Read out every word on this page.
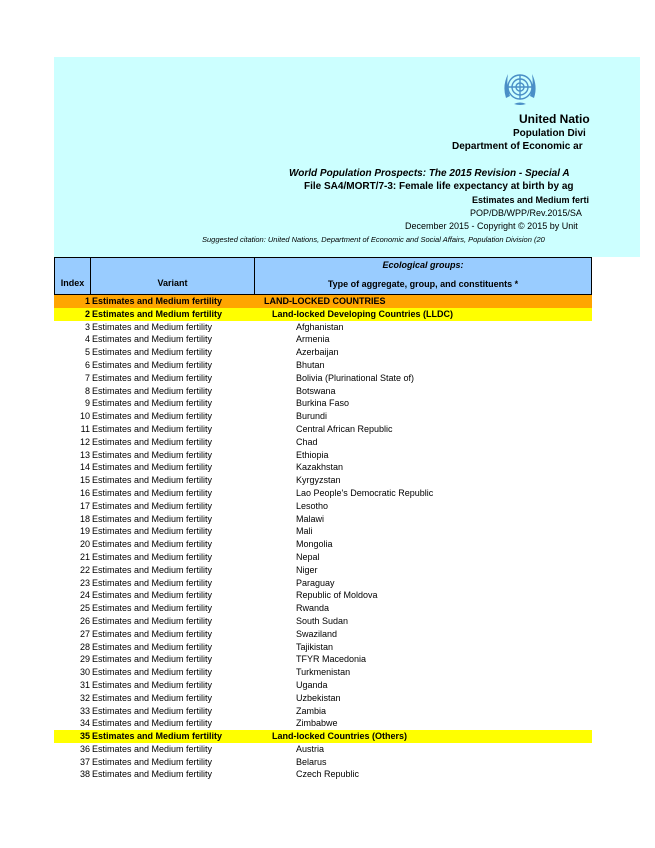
United Natio
Population Divi
Department of Economic ar
World Population Prospects: The 2015 Revision - Special A
File SA4/MORT/7-3: Female life expectancy at birth by ag
Estimates and Medium ferti
POP/DB/WPP/Rev.2015/SA
December 2015 - Copyright © 2015 by Unit
Suggested citation: United Nations, Department of Economic and Social Affairs, Population Division (20
Index	Variant
Ecological groups:
Type of aggregate, group, and constituents *
1 Estimates and Medium fertility	LAND-LOCKED COUNTRIES
2 Estimates and Medium fertility	Land-locked Developing Countries (LLDC)
3 Estimates and Medium fertility	Afghanistan
4 Estimates and Medium fertility	Armenia
5 Estimates and Medium fertility	Azerbaijan
6 Estimates and Medium fertility	Bhutan
7 Estimates and Medium fertility	Bolivia (Plurinational State of)
8 Estimates and Medium fertility	Botswana
9 Estimates and Medium fertility	Burkina Faso
10 Estimates and Medium fertility	Burundi
11 Estimates and Medium fertility	Central African Republic
12 Estimates and Medium fertility	Chad
13 Estimates and Medium fertility	Ethiopia
14 Estimates and Medium fertility	Kazakhstan
15 Estimates and Medium fertility	Kyrgyzstan
16 Estimates and Medium fertility	Lao People's Democratic Republic
17 Estimates and Medium fertility	Lesotho
18 Estimates and Medium fertility	Malawi
19 Estimates and Medium fertility	Mali
20 Estimates and Medium fertility	Mongolia
21 Estimates and Medium fertility	Nepal
22 Estimates and Medium fertility	Niger
23 Estimates and Medium fertility	Paraguay
24 Estimates and Medium fertility	Republic of Moldova
25 Estimates and Medium fertility	Rwanda
26 Estimates and Medium fertility	South Sudan
27 Estimates and Medium fertility	Swaziland
28 Estimates and Medium fertility	Tajikistan
29 Estimates and Medium fertility	TFYR Macedonia
30 Estimates and Medium fertility	Turkmenistan
31 Estimates and Medium fertility	Uganda
32 Estimates and Medium fertility	Uzbekistan
33 Estimates and Medium fertility	Zambia
34 Estimates and Medium fertility	Zimbabwe
35 Estimates and Medium fertility	Land-locked Countries (Others)
36 Estimates and Medium fertility	Austria
37 Estimates and Medium fertility	Belarus
38 Estimates and Medium fertility	Czech Republic
